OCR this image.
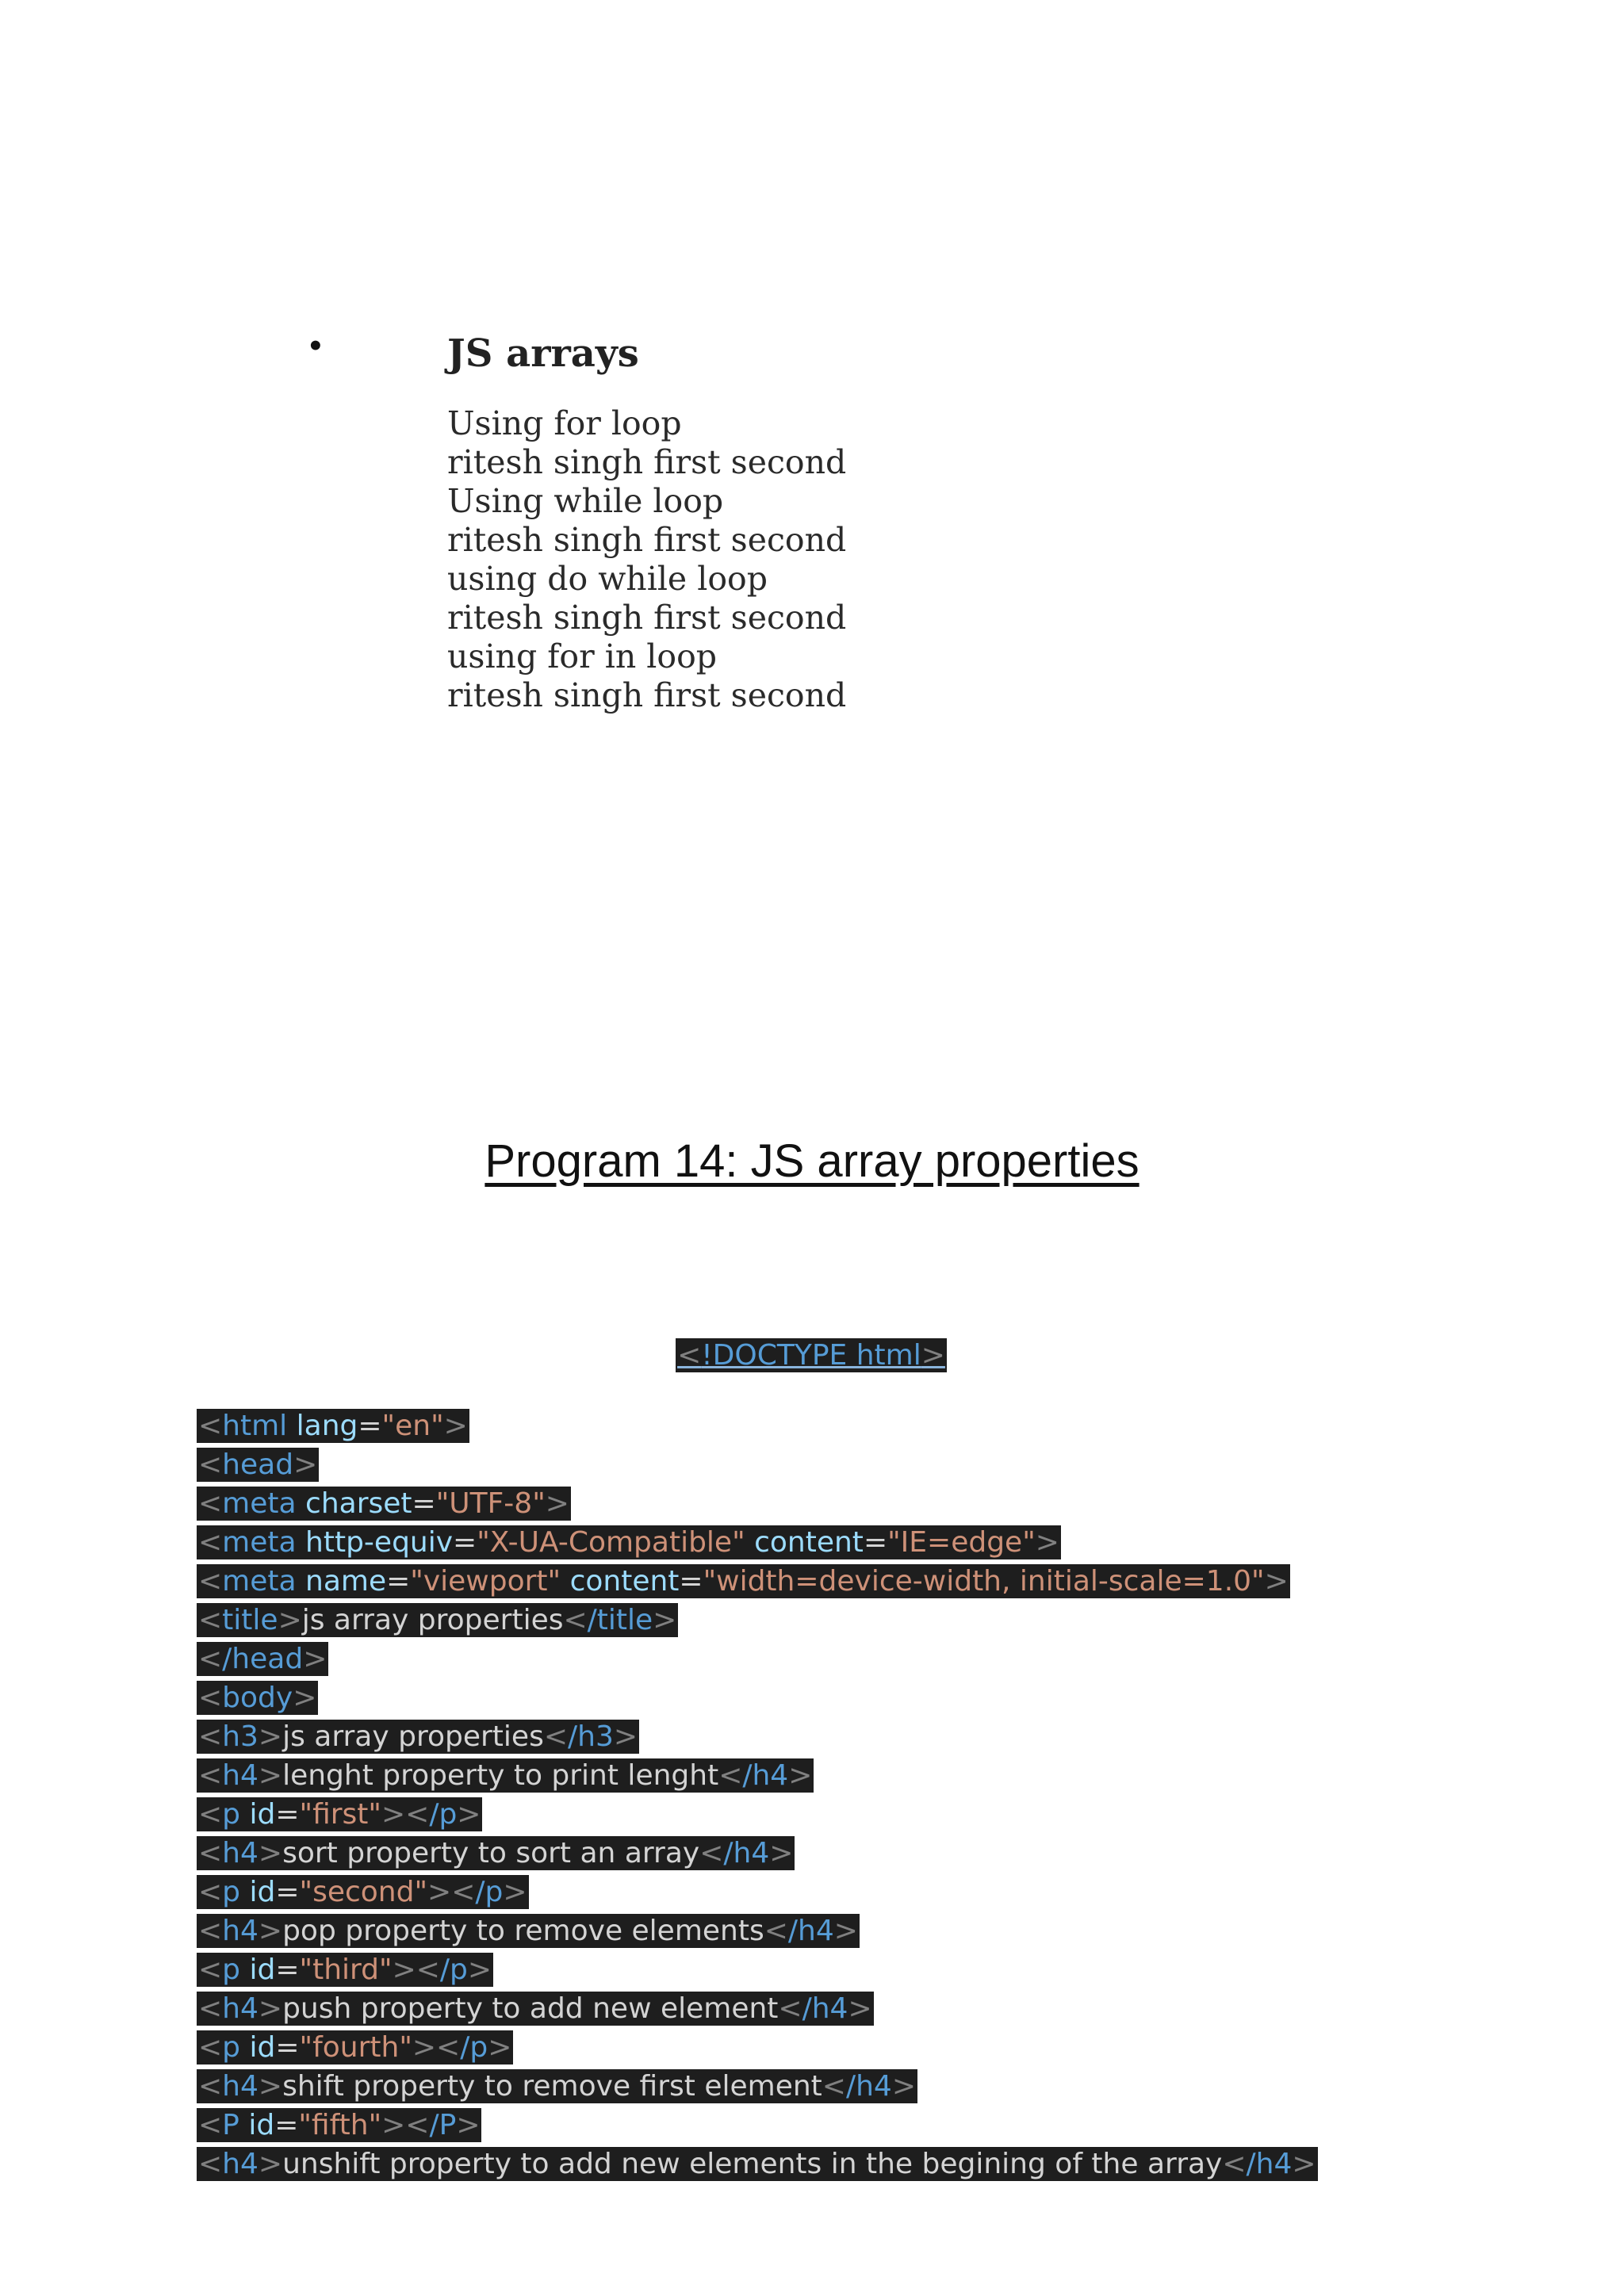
•	JS arrays
Using for loop
ritesh singh first second
Using while loop
ritesh singh first second
using do while loop
ritesh singh first second
using for in loop
ritesh singh first second
Program 14: JS array properties
<!DOCTYPE html>
<html lang="en">
<head>
<meta charset="UTF-8">
<meta http-equiv="X-UA-Compatible" content="IE=edge">
<meta name="viewport" content="width=device-width, initial-scale=1.0">
<title>js array properties</title>
</head>
<body>
<h3>js array properties</h3>
<h4>lenght property to print lenght</h4>
<p id="first"></p>
<h4>sort property to sort an array</h4>
<p id="second"></p>
<h4>pop property to remove elements</h4>
<p id="third"></p>
<h4>push property to add new element</h4>
<p id="fourth"></p>
<h4>shift property to remove first element</h4>
<P id="fifth"></P>
<h4>unshift property to add new elements in the begining of the array</h4>
